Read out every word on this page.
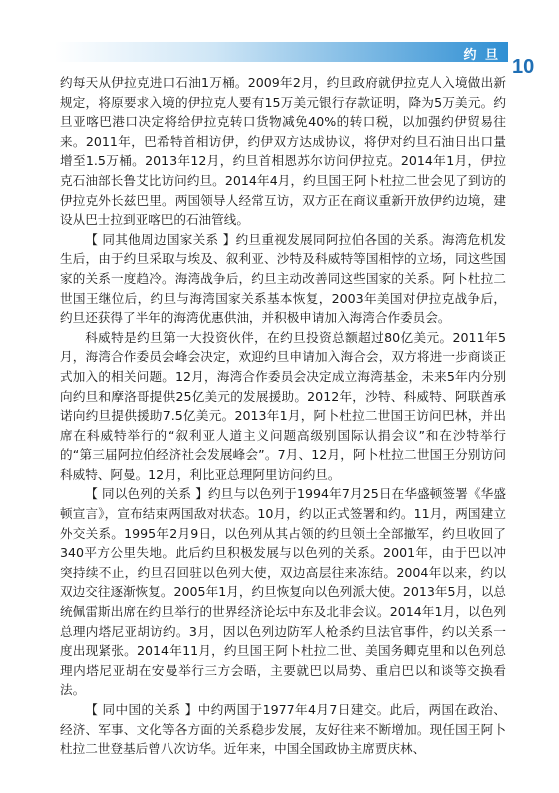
约 旦
10

约每天从伊拉克进口石油1万桶。2009年2月，约旦政府就伊拉克人入境做出新规定，将原要求入境的伊拉克人要有15万美元银行存款证明，降为5万美元。约旦亚喀巴港口决定将给伊拉克转口货物减免40%的转口税，以加强约伊贸易往来。2011年，巴希特首相访伊，约伊双方达成协议，将伊对约旦石油日出口量增至1.5万桶。2013年12月，约旦首相恩苏尔访问伊拉克。2014年1月，伊拉克石油部长鲁艾比访问约旦。2014年4月，约旦国王阿卜杜拉二世会见了到访的伊拉克外长兹巴里。两国领导人经常互访，双方正在商议重新开放伊约边境，建设从巴士拉到亚喀巴的石油管线。

【 同其他周边国家关系 】约旦重视发展同阿拉伯各国的关系。海湾危机发生后，由于约旦采取与埃及、叙利亚、沙特及科威特等国相悖的立场，同这些国家的关系一度趋冷。海湾战争后，约旦主动改善同这些国家的关系。阿卜杜拉二世国王继位后，约旦与海湾国家关系基本恢复，2003年美国对伊拉克战争后，约旦还获得了半年的海湾优惠供油，并积极申请加入海湾合作委员会。

科威特是约旦第一大投资伙伴，在约旦投资总额超过80亿美元。2011年5月，海湾合作委员会峰会决定，欢迎约旦申请加入海合会，双方将进一步商谈正式加入的相关问题。12月，海湾合作委员会决定成立海湾基金，未来5年内分别向约旦和摩洛哥提供25亿美元的发展援助。2012年，沙特、科威特、阿联酋承诺向约旦提供援助7.5亿美元。2013年1月，阿卜杜拉二世国王访问巴林，并出席在科威特举行的“叙利亚人道主义问题高级别国际认捐会议”和在沙特举行的“第三届阿拉伯经济社会发展峰会”。7月、12月，阿卜杜拉二世国王分别访问科威特、阿曼。12月，利比亚总理阿里访问约旦。

【 同以色列的关系 】约旦与以色列于1994年7月25日在华盛顿签署《华盛顿宣言》，宣布结束两国敌对状态。10月，约以正式签署和约。11月，两国建立外交关系。1995年2月9日，以色列从其占领的约旦领土全部撤军，约旦收回了340平方公里失地。此后约旦积极发展与以色列的关系。2001年，由于巴以冲突持续不止，约旦召回驻以色列大使，双边高层往来冻结。2004年以来，约以双边交往逐渐恢复。2005年1月，约旦恢复向以色列派大使。2013年5月，以总统佩雷斯出席在约旦举行的世界经济论坛中东及北非会议。2014年1月，以色列总理内塔尼亚胡访约。3月，因以色列边防军人枪杀约旦法官事件，约以关系一度出现紧张。2014年11月，约旦国王阿卜杜拉二世、美国务卿克里和以色列总理内塔尼亚胡在安曼举行三方会晤，主要就巴以局势、重启巴以和谈等交换看法。

【 同中国的关系 】中约两国于1977年4月7日建交。此后，两国在政治、经济、军事、文化等各方面的关系稳步发展，友好往来不断增加。现任国王阿卜杜拉二世登基后曾八次访华。近年来，中国全国政协主席贾庆林、
